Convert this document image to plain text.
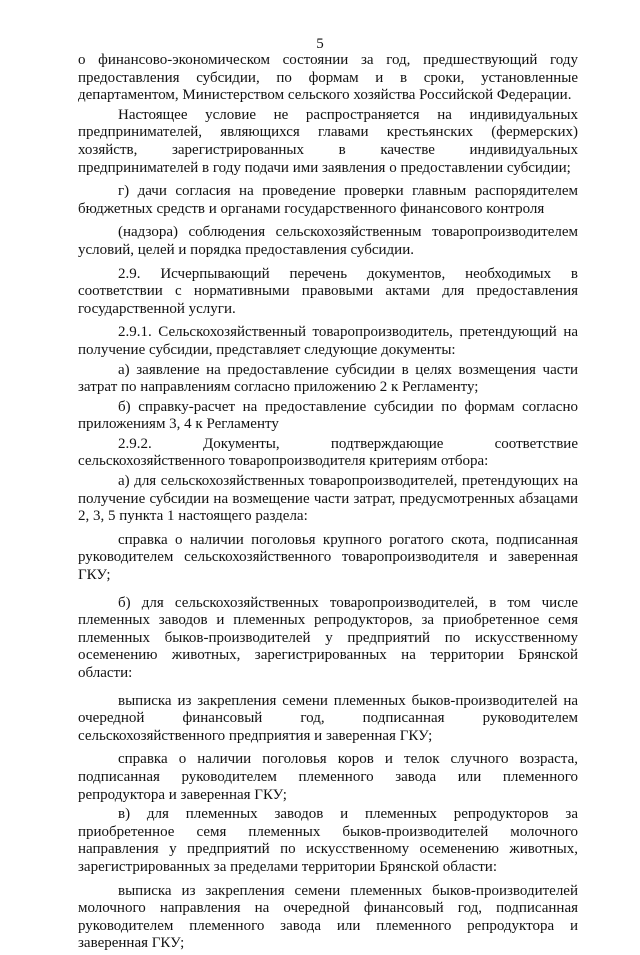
5

о финансово-экономическом состоянии за год, предшествующий году предоставления субсидии, по формам и в сроки, установленные департаментом, Министерством сельского хозяйства Российской Федерации.

Настоящее условие не распространяется на индивидуальных предпринимателей, являющихся главами крестьянских (фермерских) хозяйств, зарегистрированных в качестве индивидуальных предпринимателей в году подачи ими заявления о предоставлении субсидии;

г) дачи согласия на проведение проверки главным распорядителем бюджетных средств и органами государственного финансового контроля

(надзора) соблюдения сельскохозяйственным товаропроизводителем условий, целей и порядка предоставления субсидии.

2.9. Исчерпывающий перечень документов, необходимых в соответствии с нормативными правовыми актами для предоставления государственной услуги.

2.9.1. Сельскохозяйственный товаропроизводитель, претендующий на получение субсидии, представляет следующие документы:

а) заявление на предоставление субсидии в целях возмещения части затрат по направлениям согласно приложению 2 к Регламенту;

б) справку-расчет на предоставление субсидии по формам согласно приложениям 3, 4 к Регламенту

2.9.2. Документы, подтверждающие соответствие сельскохозяйственного товаропроизводителя критериям отбора:

а) для сельскохозяйственных товаропроизводителей, претендующих на получение субсидии на возмещение части затрат, предусмотренных абзацами 2, 3, 5 пункта 1 настоящего раздела:

справка о наличии поголовья крупного рогатого скота, подписанная руководителем сельскохозяйственного товаропроизводителя и заверенная ГКУ;

б) для сельскохозяйственных товаропроизводителей, в том числе племенных заводов и племенных репродукторов, за приобретенное семя племенных быков-производителей у предприятий по искусственному осеменению животных, зарегистрированных на территории Брянской области:

выписка из закрепления семени племенных быков-производителей на очередной финансовый год, подписанная руководителем сельскохозяйственного предприятия и заверенная ГКУ;

справка о наличии поголовья коров и телок случного возраста, подписанная руководителем племенного завода или племенного репродуктора и заверенная ГКУ;

в) для племенных заводов и племенных репродукторов за приобретенное семя племенных быков-производителей молочного направления у предприятий по искусственному осеменению животных, зарегистрированных за пределами территории Брянской области:

выписка из закрепления семени племенных быков-производителей молочного направления на очередной финансовый год, подписанная руководителем племенного завода или племенного репродуктора и заверенная ГКУ;
